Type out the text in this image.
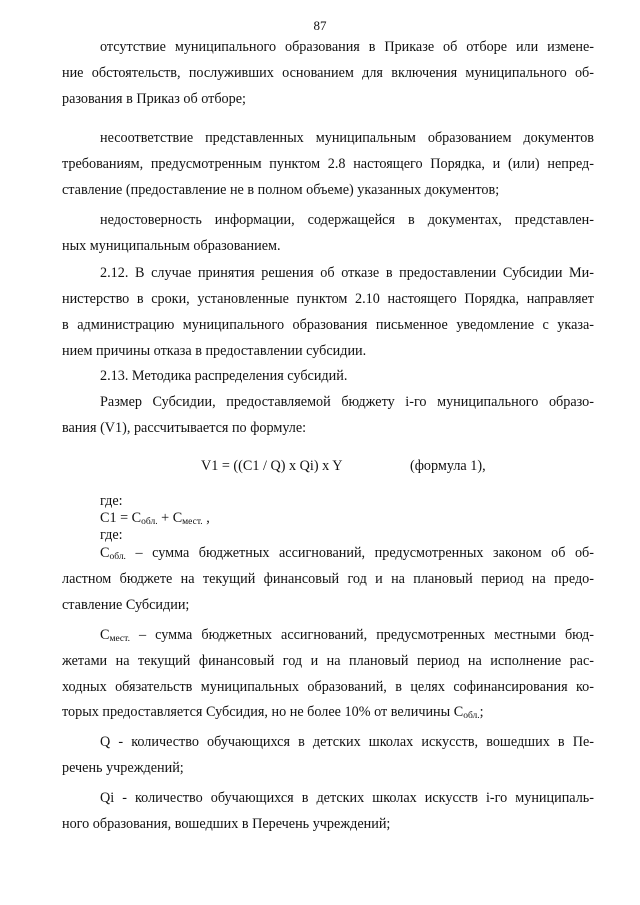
87
отсутствие муниципального образования в Приказе об отборе или измене-
ние обстоятельств, послуживших основанием для включения муниципального об-
разования в Приказ об отборе;
несоответствие представленных муниципальным образованием документов
требованиям, предусмотренным пунктом 2.8 настоящего Порядка, и (или) непред-
ставление (предоставление не в полном объеме) указанных документов;
недостоверность информации, содержащейся в документах, представлен-
ных муниципальным образованием.
2.12. В случае принятия решения об отказе в предоставлении Субсидии Ми-
нистерство в сроки, установленные пунктом 2.10 настоящего Порядка, направляет
в администрацию муниципального образования письменное уведомление с указа-
нием причины отказа в предоставлении субсидии.
2.13. Методика распределения субсидий.
Размер Субсидии, предоставляемой бюджету i-го муниципального образо-
вания (V1), рассчитывается по формуле:
V1 = ((C1 / Q) x Qi) x Y	(формула 1),
где:
$C1 = C_{обл.} + C_{мест.}$ ,
где:
$C_{обл.}$ – сумма бюджетных ассигнований, предусмотренных законом об об-
ластном бюджете на текущий финансовый год и на плановый период на предо-
ставление Субсидии;
$C_{мест.}$ – сумма бюджетных ассигнований, предусмотренных местными бюд-
жетами на текущий финансовый год и на плановый период на исполнение рас-
ходных обязательств муниципальных образований, в целях софинансирования ко-
торых предоставляется Субсидия, но не более 10% от величины $C_{обл.}$;
Q - количество обучающихся в детских школах искусств, вошедших в Пе-
речень учреждений;
Qi - количество обучающихся в детских школах искусств i-го муниципаль-
ного образования, вошедших в Перечень учреждений;
